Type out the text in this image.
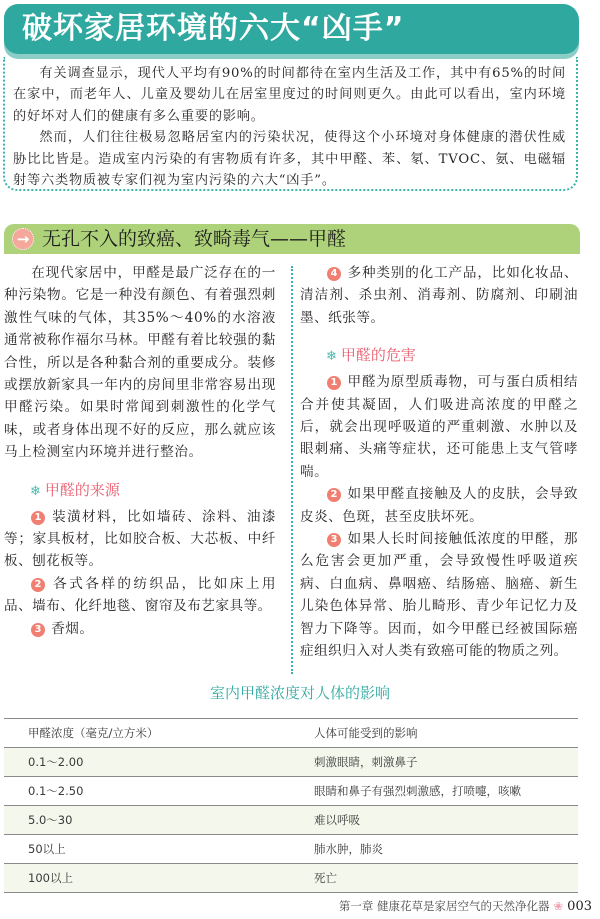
破坏家居环境的六大“凶手”

有关调查显示，现代人平均有90%的时间都待在室内生活及工作，其中有65%的时间在家中，而老年人、儿童及婴幼儿在居室里度过的时间则更久。由此可以看出，室内环境的好坏对人们的健康有多么重要的影响。

然而，人们往往极易忽略居室内的污染状况，使得这个小环境对身体健康的潜伏性威胁比比皆是。造成室内污染的有害物质有许多，其中甲醛、苯、氡、TVOC、氨、电磁辐射等六类物质被专家们视为室内污染的六大“凶手”。

→ 无孔不入的致癌、致畸毒气——甲醛

在现代家居中，甲醛是最广泛存在的一种污染物。它是一种没有颜色、有着强烈刺激性气味的气体，其35%～40%的水溶液通常被称作福尔马林。甲醛有着比较强的黏合性，所以是各种黏合剂的重要成分。装修或摆放新家具一年内的房间里非常容易出现甲醛污染。如果时常闻到刺激性的化学气味，或者身体出现不好的反应，那么就应该马上检测室内环境并进行整治。

❄ 甲醛的来源

1 装潢材料，比如墙砖、涂料、油漆等；家具板材，比如胶合板、大芯板、中纤板、刨花板等。

2 各式各样的纺织品，比如床上用品、墙布、化纤地毯、窗帘及布艺家具等。

3 香烟。

4 多种类别的化工产品，比如化妆品、清洁剂、杀虫剂、消毒剂、防腐剂、印刷油墨、纸张等。

❄ 甲醛的危害

1 甲醛为原型质毒物，可与蛋白质相结合并使其凝固，人们吸进高浓度的甲醛之后，就会出现呼吸道的严重刺激、水肿以及眼刺痛、头痛等症状，还可能患上支气管哮喘。

2 如果甲醛直接触及人的皮肤，会导致皮炎、色斑，甚至皮肤坏死。

3 如果人长时间接触低浓度的甲醛，那么危害会更加严重，会导致慢性呼吸道疾病、白血病、鼻咽癌、结肠癌、脑癌、新生儿染色体异常、胎儿畸形、青少年记忆力及智力下降等。因而，如今甲醛已经被国际癌症组织归入对人类有致癌可能的物质之列。

室内甲醛浓度对人体的影响
甲醛浓度（毫克/立方米）	人体可能受到的影响
0.1～2.00	刺激眼睛，刺激鼻子
0.1～2.50	眼睛和鼻子有强烈刺激感，打喷嚏，咳嗽
5.0～30	难以呼吸
50以上	肺水肿，肺炎
100以上	死亡
第一章 健康花草是家居空气的天然净化器 ❀ 003
